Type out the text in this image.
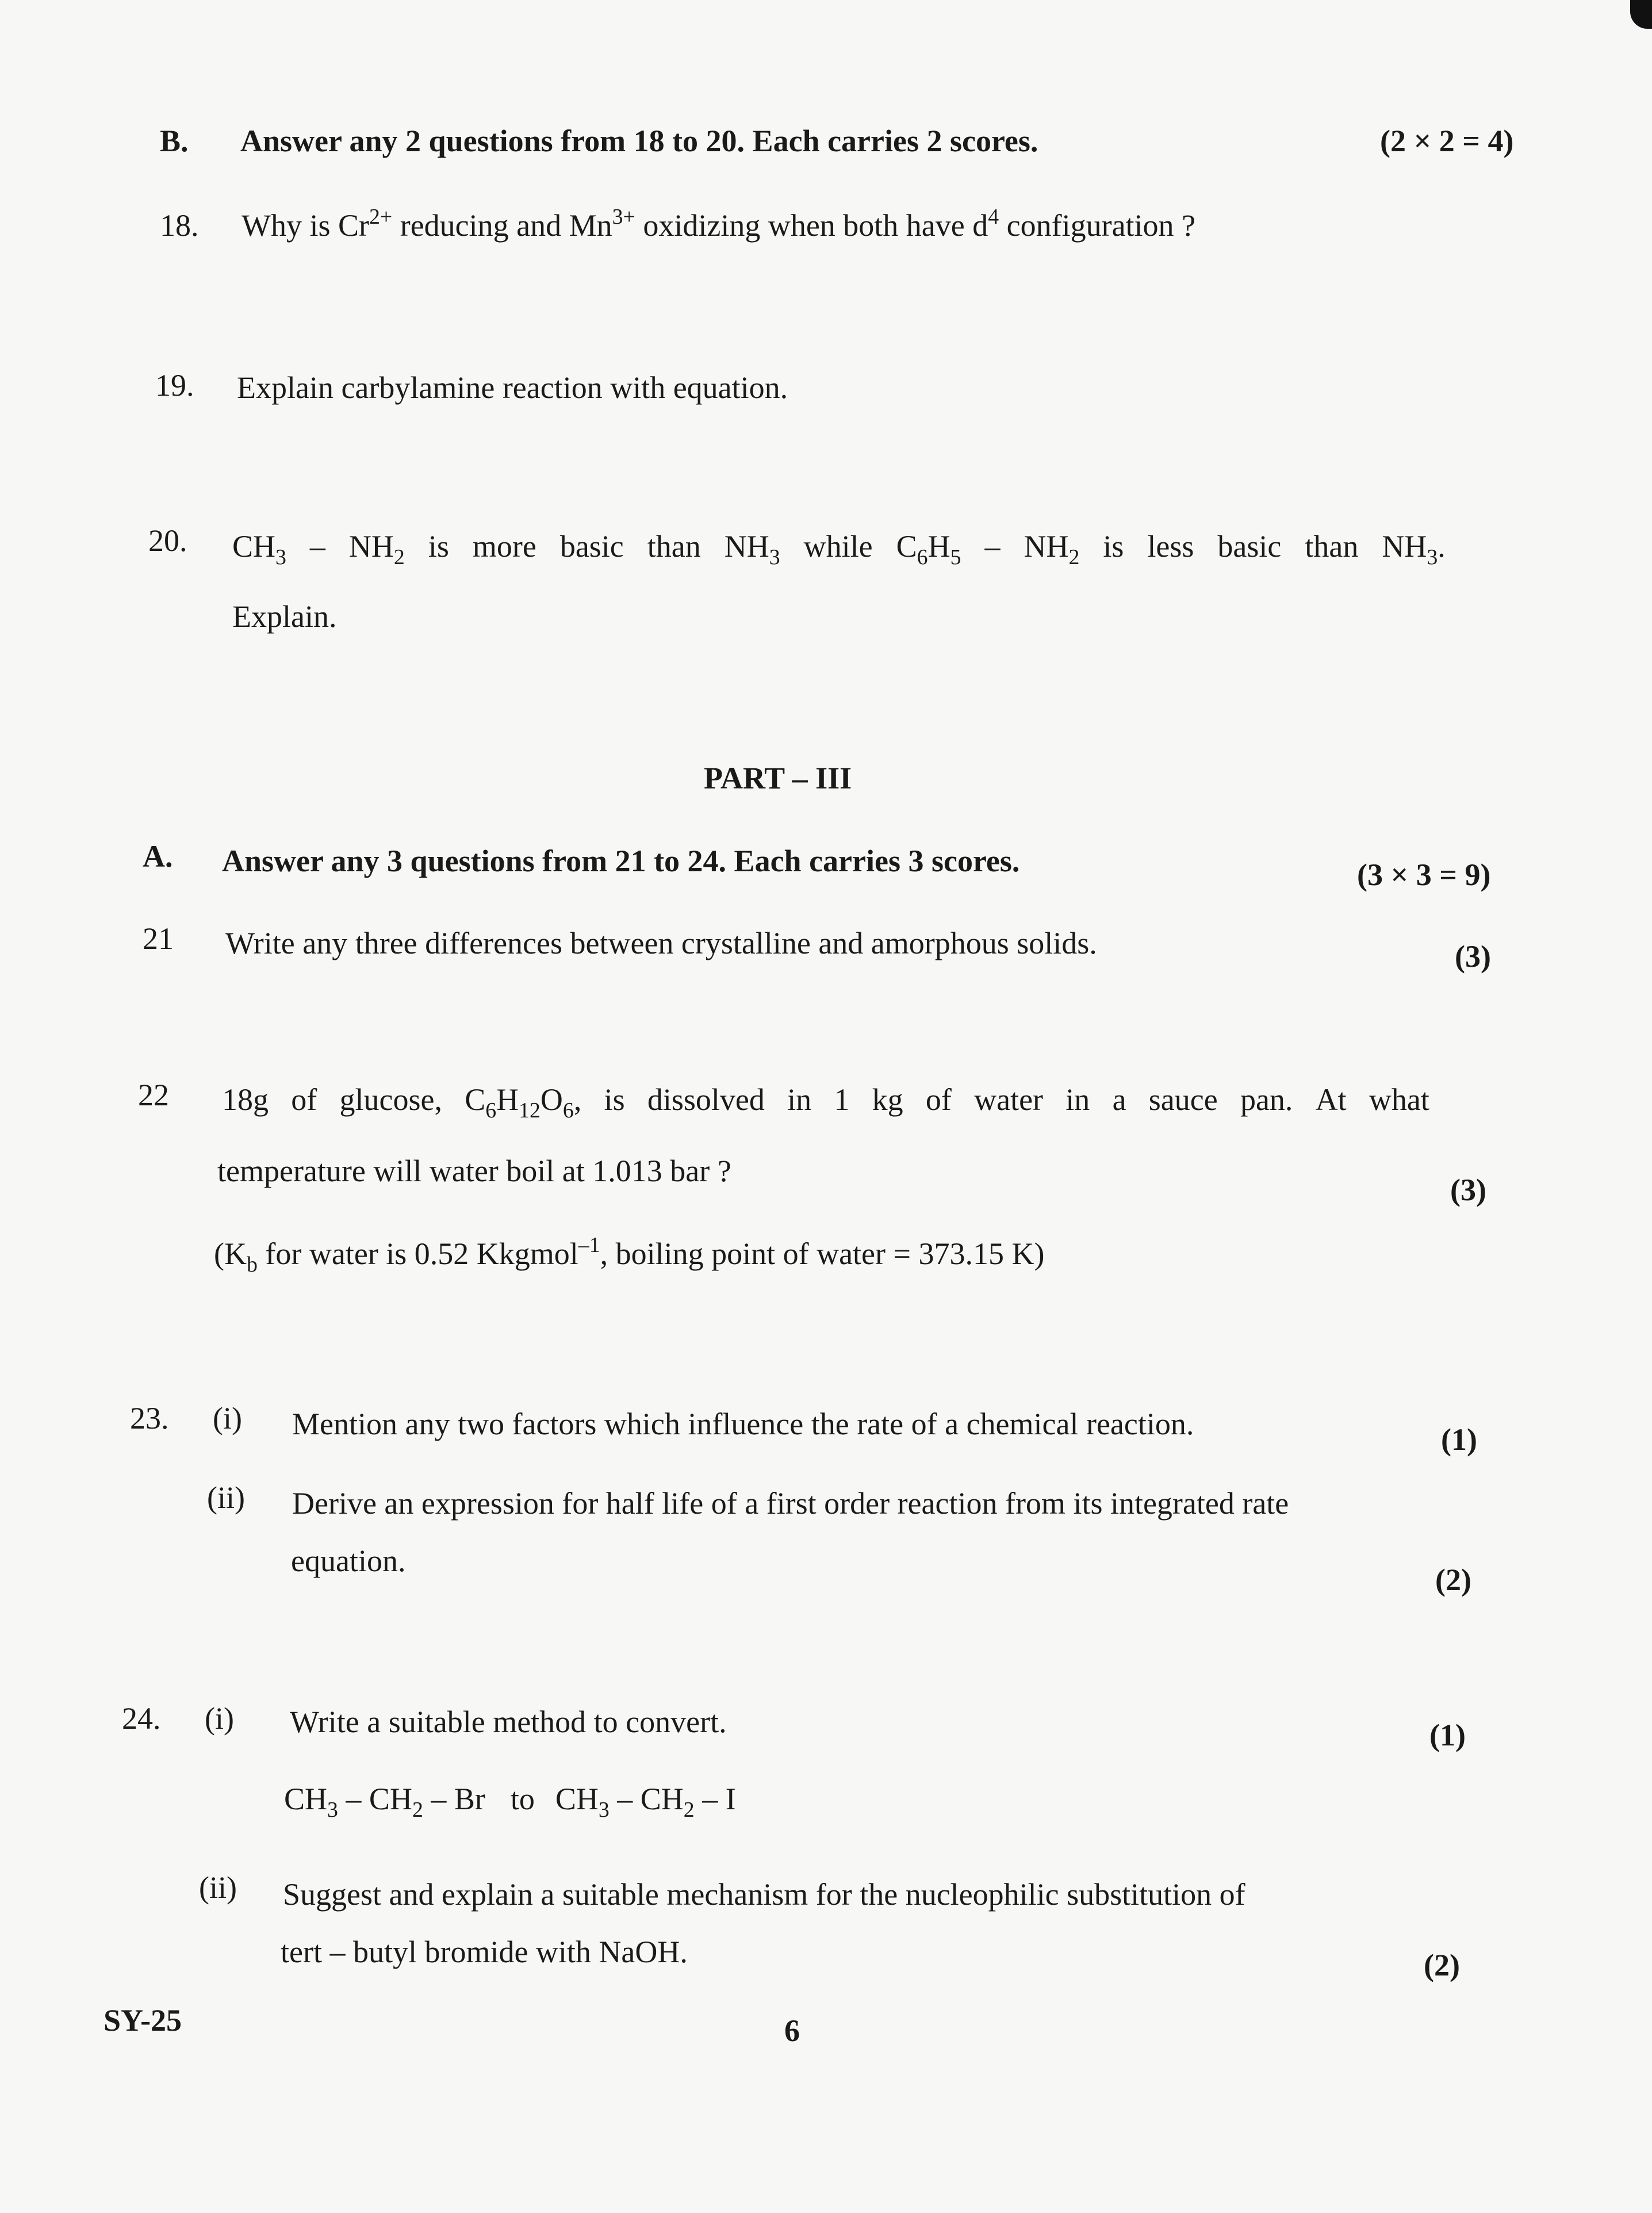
B. Answer any 2 questions from 18 to 20. Each carries 2 scores.	(2 × 2 = 4)
18. Why is $Cr^{2+}$ reducing and $Mn^{3+}$ oxidizing when both have $d^4$ configuration ?
19. Explain carbylamine reaction with equation.
20. $CH_3 - NH_2$ is more basic than $NH_3$ while $C_6H_5 - NH_2$ is less basic than $NH_3$.
Explain.
PART – III
A. Answer any 3 questions from 21 to 24. Each carries 3 scores.	(3 × 3 = 9)
21 Write any three differences between crystalline and amorphous solids.	(3)
22 18g of glucose, $C_6H_{12}O_6$, is dissolved in 1 kg of water in a sauce pan. At what
temperature will water boil at 1.013 bar ?
(3)
($K_b$ for water is 0.52 Kkgmol$^{-1}$, boiling point of water = 373.15 K)
23. (i) Mention any two factors which influence the rate of a chemical reaction.	(1)
(ii) Derive an expression for half life of a first order reaction from its integrated rate
equation.
(2)
24. (i) Write a suitable method to convert.	(1)
$CH_3 - CH_2$ – Br to $CH_3 - CH_2$ – I
(ii) Suggest and explain a suitable mechanism for the nucleophilic substitution of
tert – butyl bromide with NaOH.	(2)
SY-25	6
